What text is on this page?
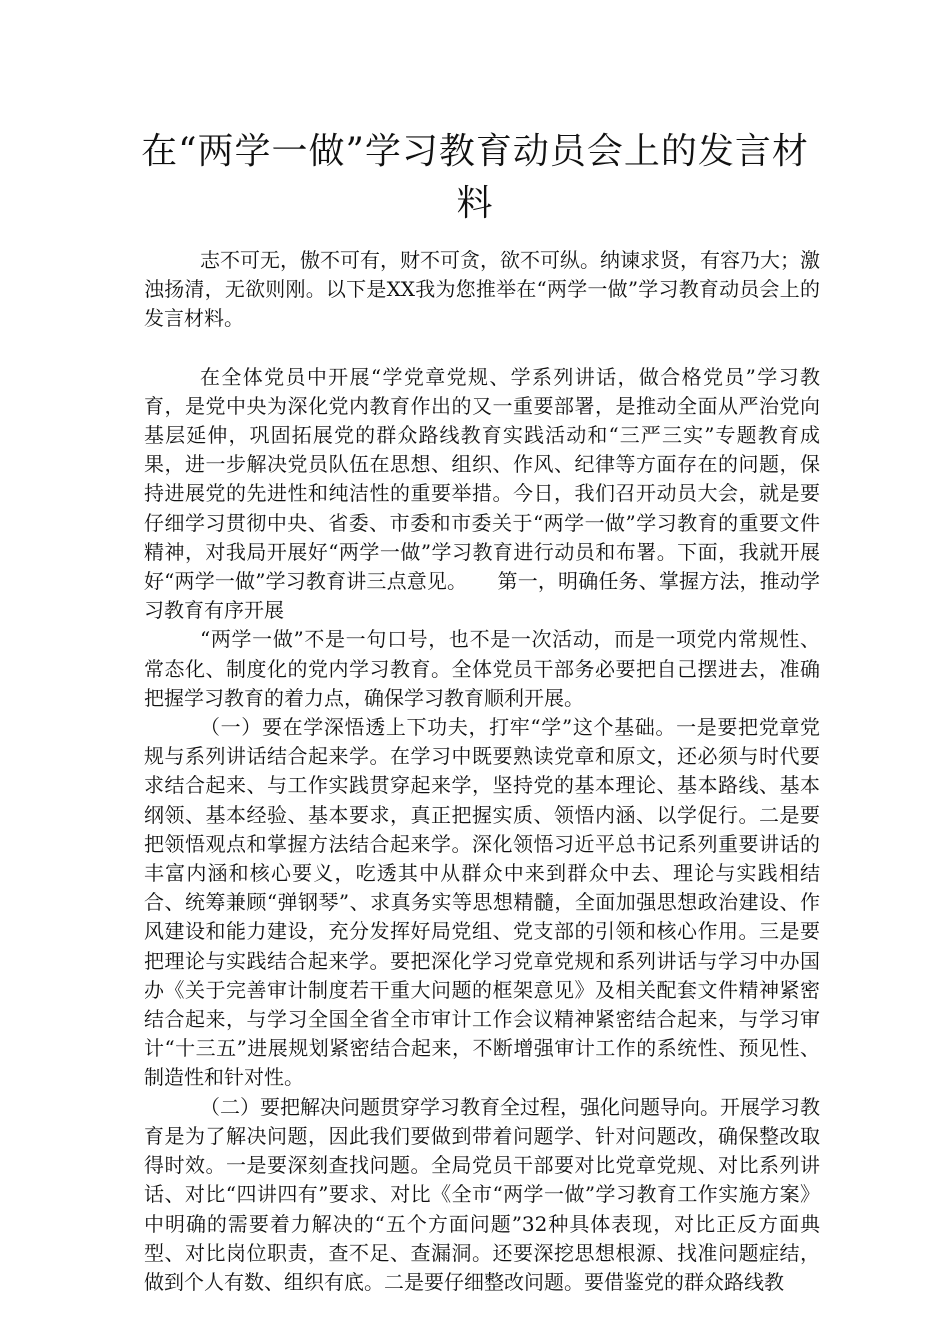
在“两学一做”学习教育动员会上的发言材料

志不可无，傲不可有，财不可贪，欲不可纵。纳谏求贤，有容乃大；激浊扬清，无欲则刚。以下是XX我为您推举在“两学一做”学习教育动员会上的发言材料。

在全体党员中开展“学党章党规、学系列讲话，做合格党员”学习教育，是党中央为深化党内教育作出的又一重要部署，是推动全面从严治党向基层延伸，巩固拓展党的群众路线教育实践活动和“三严三实”专题教育成果，进一步解决党员队伍在思想、组织、作风、纪律等方面存在的问题，保持进展党的先进性和纯洁性的重要举措。今日，我们召开动员大会，就是要仔细学习贯彻中央、省委、市委和市委关于“两学一做”学习教育的重要文件精神，对我局开展好“两学一做”学习教育进行动员和布署。下面，我就开展好“两学一做”学习教育讲三点意见。　　第一，明确任务、掌握方法，推动学习教育有序开展

“两学一做”不是一句口号，也不是一次活动，而是一项党内常规性、常态化、制度化的党内学习教育。全体党员干部务必要把自己摆进去，准确把握学习教育的着力点，确保学习教育顺利开展。

（一）要在学深悟透上下功夫，打牢“学”这个基础。一是要把党章党规与系列讲话结合起来学。在学习中既要熟读党章和原文，还必须与时代要求结合起来、与工作实践贯穿起来学，坚持党的基本理论、基本路线、基本纲领、基本经验、基本要求，真正把握实质、领悟内涵、以学促行。二是要把领悟观点和掌握方法结合起来学。深化领悟习近平总书记系列重要讲话的丰富内涵和核心要义，吃透其中从群众中来到群众中去、理论与实践相结合、统筹兼顾“弹钢琴”、求真务实等思想精髓，全面加强思想政治建设、作风建设和能力建设，充分发挥好局党组、党支部的引领和核心作用。三是要把理论与实践结合起来学。要把深化学习党章党规和系列讲话与学习中办国办《关于完善审计制度若干重大问题的框架意见》及相关配套文件精神紧密结合起来，与学习全国全省全市审计工作会议精神紧密结合起来，与学习审计“十三五”进展规划紧密结合起来，不断增强审计工作的系统性、预见性、制造性和针对性。

（二）要把解决问题贯穿学习教育全过程，强化问题导向。开展学习教育是为了解决问题，因此我们要做到带着问题学、针对问题改，确保整改取得时效。一是要深刻查找问题。全局党员干部要对比党章党规、对比系列讲话、对比“四讲四有”要求、对比《全市“两学一做”学习教育工作实施方案》中明确的需要着力解决的“五个方面问题”32种具体表现，对比正反方面典型、对比岗位职责，查不足、查漏洞。还要深挖思想根源、找准问题症结，做到个人有数、组织有底。二是要仔细整改问题。要借鉴党的群众路线教
